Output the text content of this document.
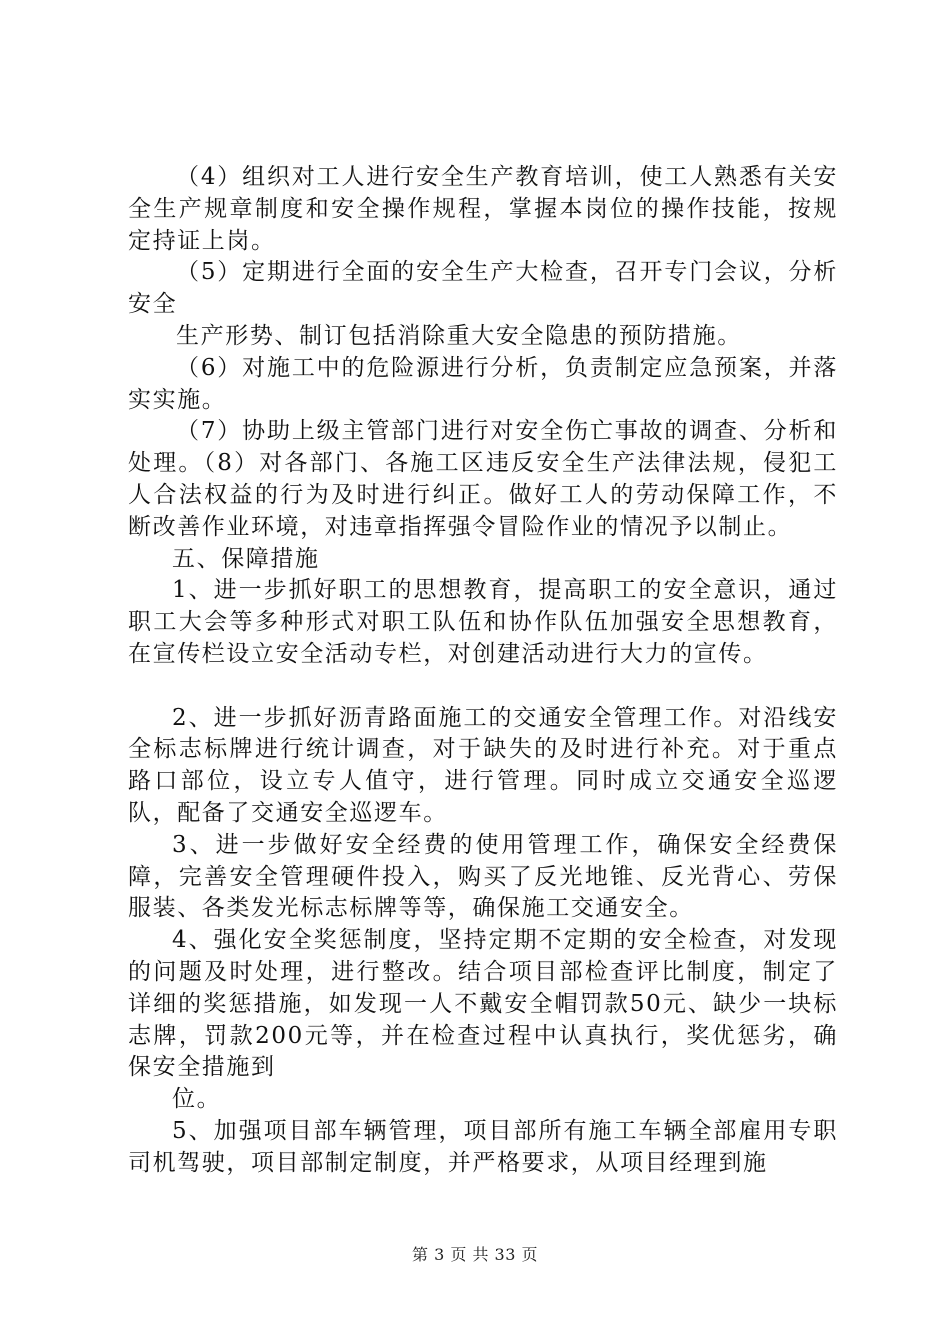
（4）组织对工人进行安全生产教育培训，使工人熟悉有关安全生产规章制度和安全操作规程，掌握本岗位的操作技能，按规定持证上岗。

（5）定期进行全面的安全生产大检查，召开专门会议，分析安全

生产形势、制订包括消除重大安全隐患的预防措施。

（6）对施工中的危险源进行分析，负责制定应急预案，并落实实施。

（7）协助上级主管部门进行对安全伤亡事故的调查、分析和处理。（8）对各部门、各施工区违反安全生产法律法规，侵犯工人合法权益的行为及时进行纠正。做好工人的劳动保障工作，不断改善作业环境，对违章指挥强令冒险作业的情况予以制止。

五、保障措施

1、进一步抓好职工的思想教育，提高职工的安全意识，通过职工大会等多种形式对职工队伍和协作队伍加强安全思想教育，在宣传栏设立安全活动专栏，对创建活动进行大力的宣传。

2、进一步抓好沥青路面施工的交通安全管理工作。对沿线安全标志标牌进行统计调查，对于缺失的及时进行补充。对于重点路口部位，设立专人值守，进行管理。同时成立交通安全巡逻队，配备了交通安全巡逻车。

3、进一步做好安全经费的使用管理工作，确保安全经费保障，完善安全管理硬件投入，购买了反光地锥、反光背心、劳保服装、各类发光标志标牌等等，确保施工交通安全。

4、强化安全奖惩制度，坚持定期不定期的安全检查，对发现的问题及时处理，进行整改。结合项目部检查评比制度，制定了详细的奖惩措施，如发现一人不戴安全帽罚款50元、缺少一块标志牌，罚款200元等，并在检查过程中认真执行，奖优惩劣，确保安全措施到

位。

5、加强项目部车辆管理，项目部所有施工车辆全部雇用专职司机驾驶，项目部制定制度，并严格要求，从项目经理到施

第 3 页 共 33 页
